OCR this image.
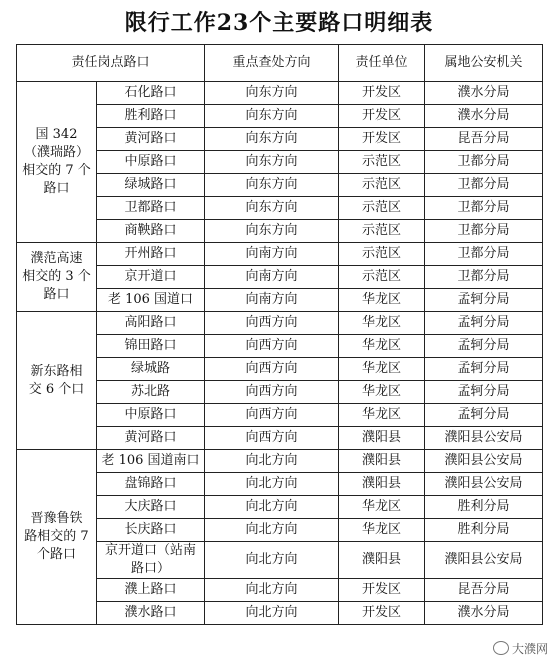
限行工作23个主要路口明细表
责任岗点路口		重点查处方向	责任单位	属地公安机关
国 342
（濮瑞路）
相交的 7 个
路口	石化路口	向东方向	开发区	濮水分局
	胜利路口	向东方向	开发区	濮水分局
	黄河路口	向东方向	开发区	昆吾分局
	中原路口	向东方向	示范区	卫都分局
	绿城路口	向东方向	示范区	卫都分局
	卫都路口	向东方向	示范区	卫都分局
	商鞅路口	向东方向	示范区	卫都分局
濮范高速
相交的 3 个
路口	开州路口	向南方向	示范区	卫都分局
	京开道口	向南方向	示范区	卫都分局
	老 106 国道口	向南方向	华龙区	孟轲分局
新东路相
交 6 个口	高阳路口	向西方向	华龙区	孟轲分局
	锦田路口	向西方向	华龙区	孟轲分局
	绿城路	向西方向	华龙区	孟轲分局
	苏北路	向西方向	华龙区	孟轲分局
	中原路口	向西方向	华龙区	孟轲分局
	黄河路口	向西方向	濮阳县	濮阳县公安局
晋豫鲁铁
路相交的 7
个路口	老 106 国道南口	向北方向	濮阳县	濮阳县公安局
	盘锦路口	向北方向	濮阳县	濮阳县公安局
	大庆路口	向北方向	华龙区	胜利分局
	长庆路口	向北方向	华龙区	胜利分局
	京开道口（站南
路口）	向北方向	濮阳县	濮阳县公安局
	濮上路口	向北方向	开发区	昆吾分局
	濮水路口	向北方向	开发区	濮水分局
大濮网
